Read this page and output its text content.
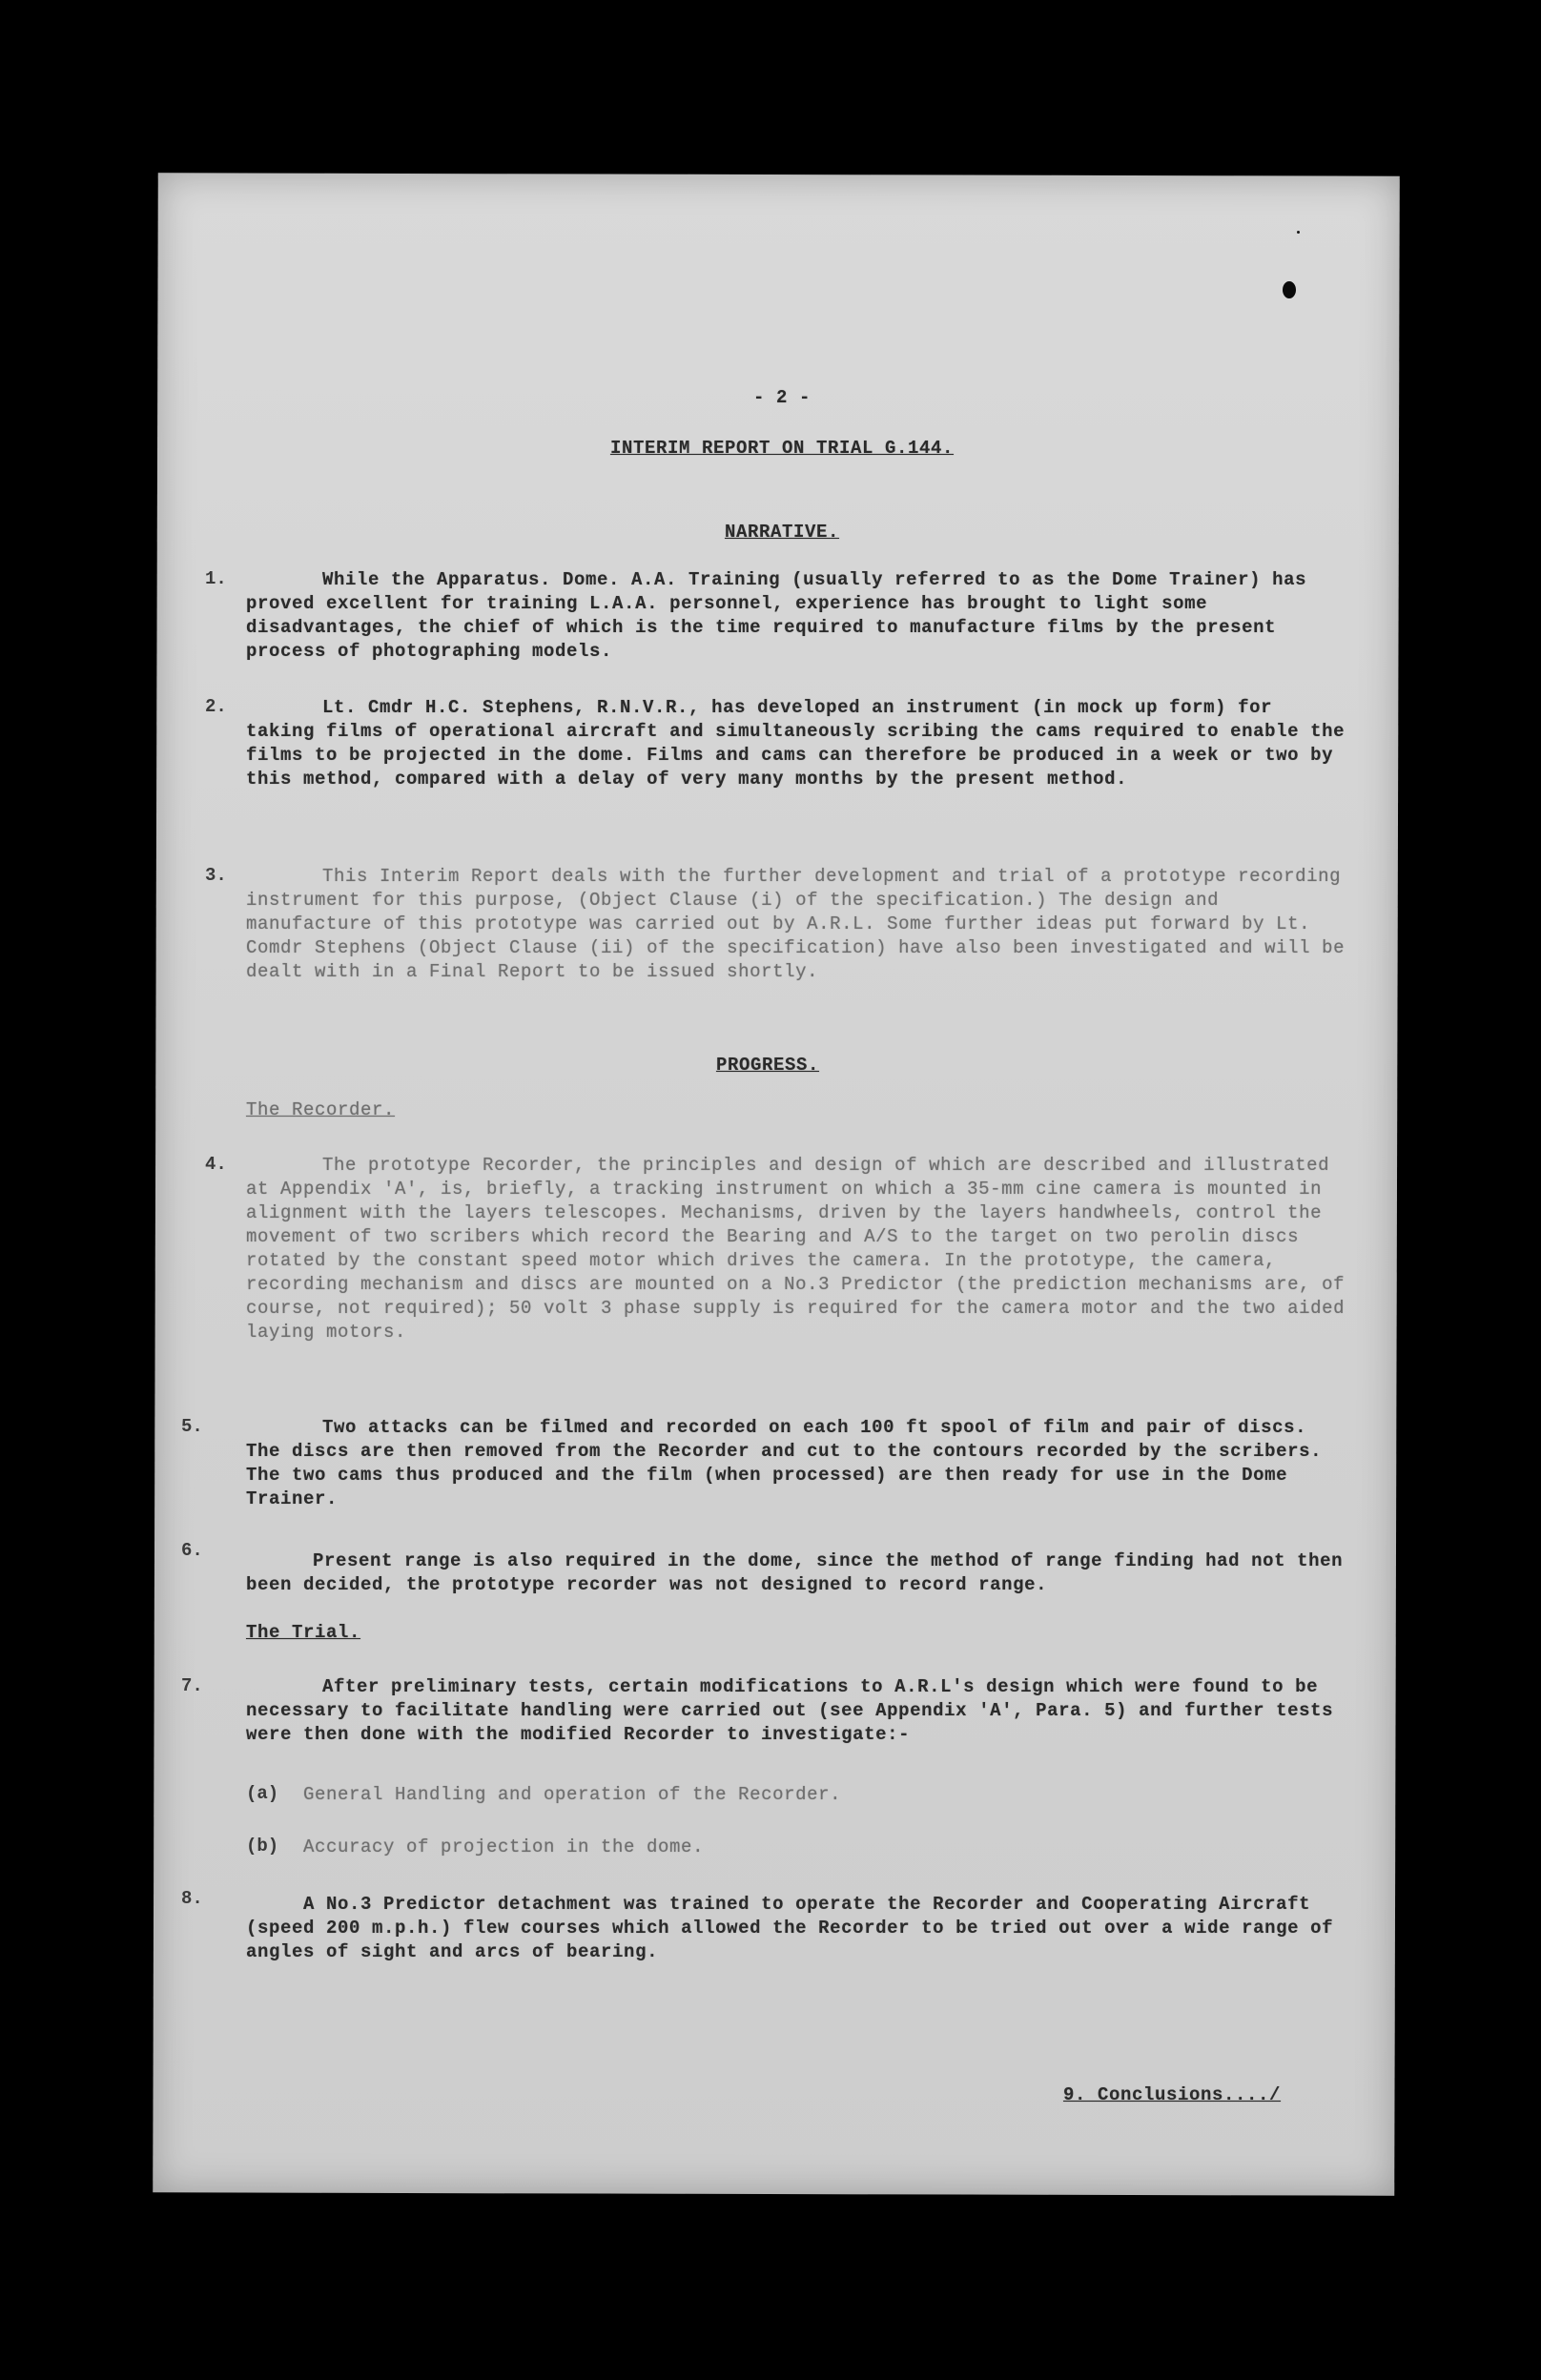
- 2 -
INTERIM REPORT ON TRIAL G.144.
NARRATIVE.
1.	While the Apparatus. Dome. A.A. Training (usually referred to as the Dome Trainer) has proved excellent for training L.A.A. personnel, experience has brought to light some disadvantages, the chief of which is the time required to manufacture films by the present process of photographing models.
2.	Lt. Cmdr H.C. Stephens, R.N.V.R., has developed an instrument (in mock up form) for taking films of operational aircraft and simultaneously scribing the cams required to enable the films to be projected in the dome. Films and cams can therefore be produced in a week or two by this method, compared with a delay of very many months by the present method.
3.	This Interim Report deals with the further development and trial of a prototype recording instrument for this purpose, (Object Clause (i) of the specification.) The design and manufacture of this prototype was carried out by A.R.L. Some further ideas put forward by Lt. Comdr Stephens (Object Clause (ii) of the specification) have also been investigated and will be dealt with in a Final Report to be issued shortly.
PROGRESS.
The Recorder.
4.	The prototype Recorder, the principles and design of which are described and illustrated at Appendix 'A', is, briefly, a tracking instrument on which a 35-mm cine camera is mounted in alignment with the layers telescopes. Mechanisms, driven by the layers handwheels, control the movement of two scribers which record the Bearing and A/S to the target on two perolin discs rotated by the constant speed motor which drives the camera. In the prototype, the camera, recording mechanism and discs are mounted on a No.3 Predictor (the prediction mechanisms are, of course, not required); 50 volt 3 phase supply is required for the camera motor and the two aided laying motors.
5.	Two attacks can be filmed and recorded on each 100 ft spool of film and pair of discs. The discs are then removed from the Recorder and cut to the contours recorded by the scribers. The two cams thus produced and the film (when processed) are then ready for use in the Dome Trainer.
6.	Present range is also required in the dome, since the method of range finding had not then been decided, the prototype recorder was not designed to record range.
The Trial.
7.	After preliminary tests, certain modifications to A.R.L's design which were found to be necessary to facilitate handling were carried out (see Appendix 'A', Para. 5) and further tests were then done with the modified Recorder to investigate:-
(a) General Handling and operation of the Recorder.
(b) Accuracy of projection in the dome.
8.	A No.3 Predictor detachment was trained to operate the Recorder and Cooperating Aircraft (speed 200 m.p.h.) flew courses which allowed the Recorder to be tried out over a wide range of angles of sight and arcs of bearing.
9. Conclusions..../
